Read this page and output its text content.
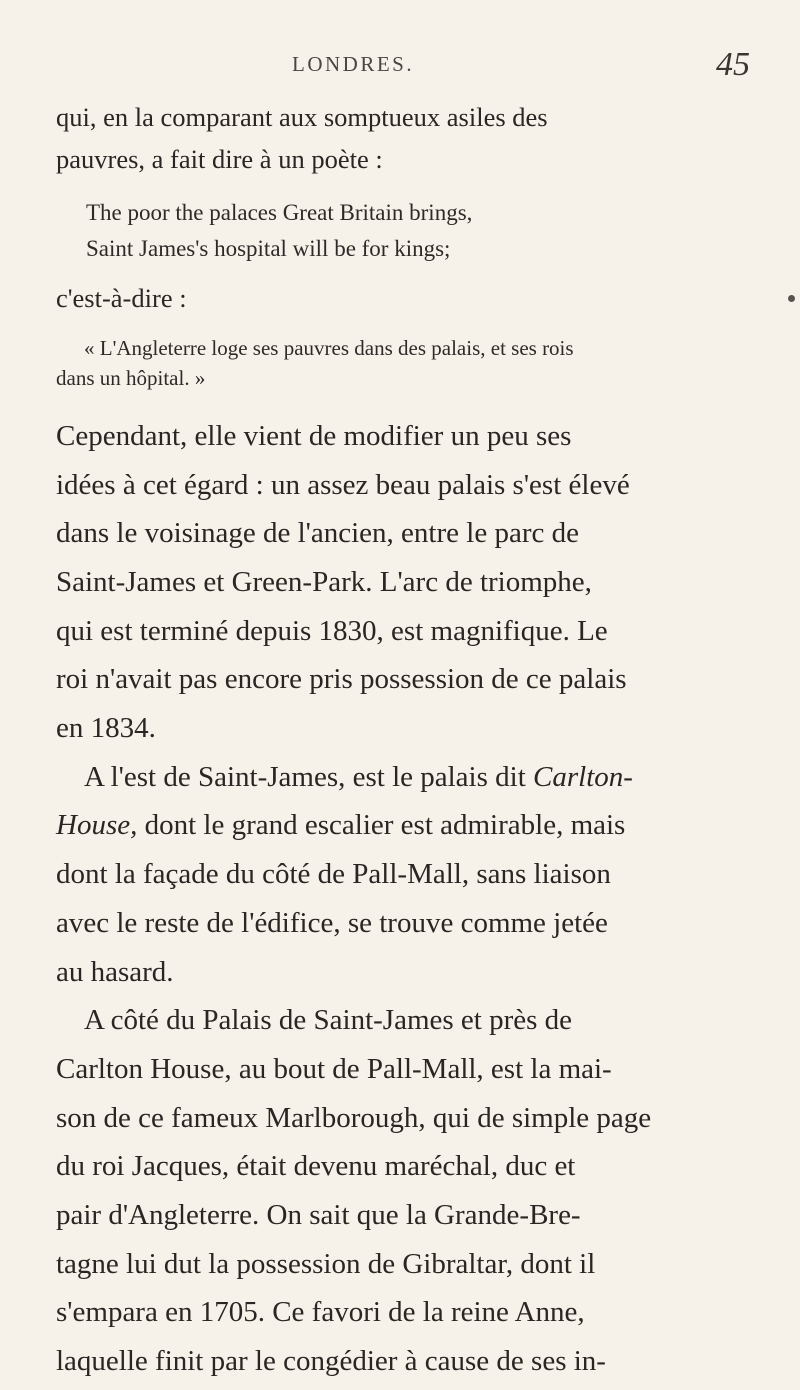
LONDRES.	45
qui, en la comparant aux somptueux asiles des
pauvres, a fait dire à un poète :
The poor the palaces Great Britain brings,
Saint James's hospital will be for kings;
c'est-à-dire :
« L'Angleterre loge ses pauvres dans des palais, et ses rois
dans un hôpital. »
Cependant, elle vient de modifier un peu ses
idées à cet égard : un assez beau palais s'est élevé
dans le voisinage de l'ancien, entre le parc de
Saint-James et Green-Park. L'arc de triomphe,
qui est terminé depuis 1830, est magnifique. Le
roi n'avait pas encore pris possession de ce palais
en 1834.
A l'est de Saint-James, est le palais dit Carlton-
House, dont le grand escalier est admirable, mais
dont la façade du côté de Pall-Mall, sans liaison
avec le reste de l'édifice, se trouve comme jetée
au hasard.
A côté du Palais de Saint-James et près de
Carlton House, au bout de Pall-Mall, est la mai-
son de ce fameux Marlborough, qui de simple page
du roi Jacques, était devenu maréchal, duc et
pair d'Angleterre. On sait que la Grande-Bre-
tagne lui dut la possession de Gibraltar, dont il
s'empara en 1705. Ce favori de la reine Anne,
laquelle finit par le congédier à cause de ses in-
